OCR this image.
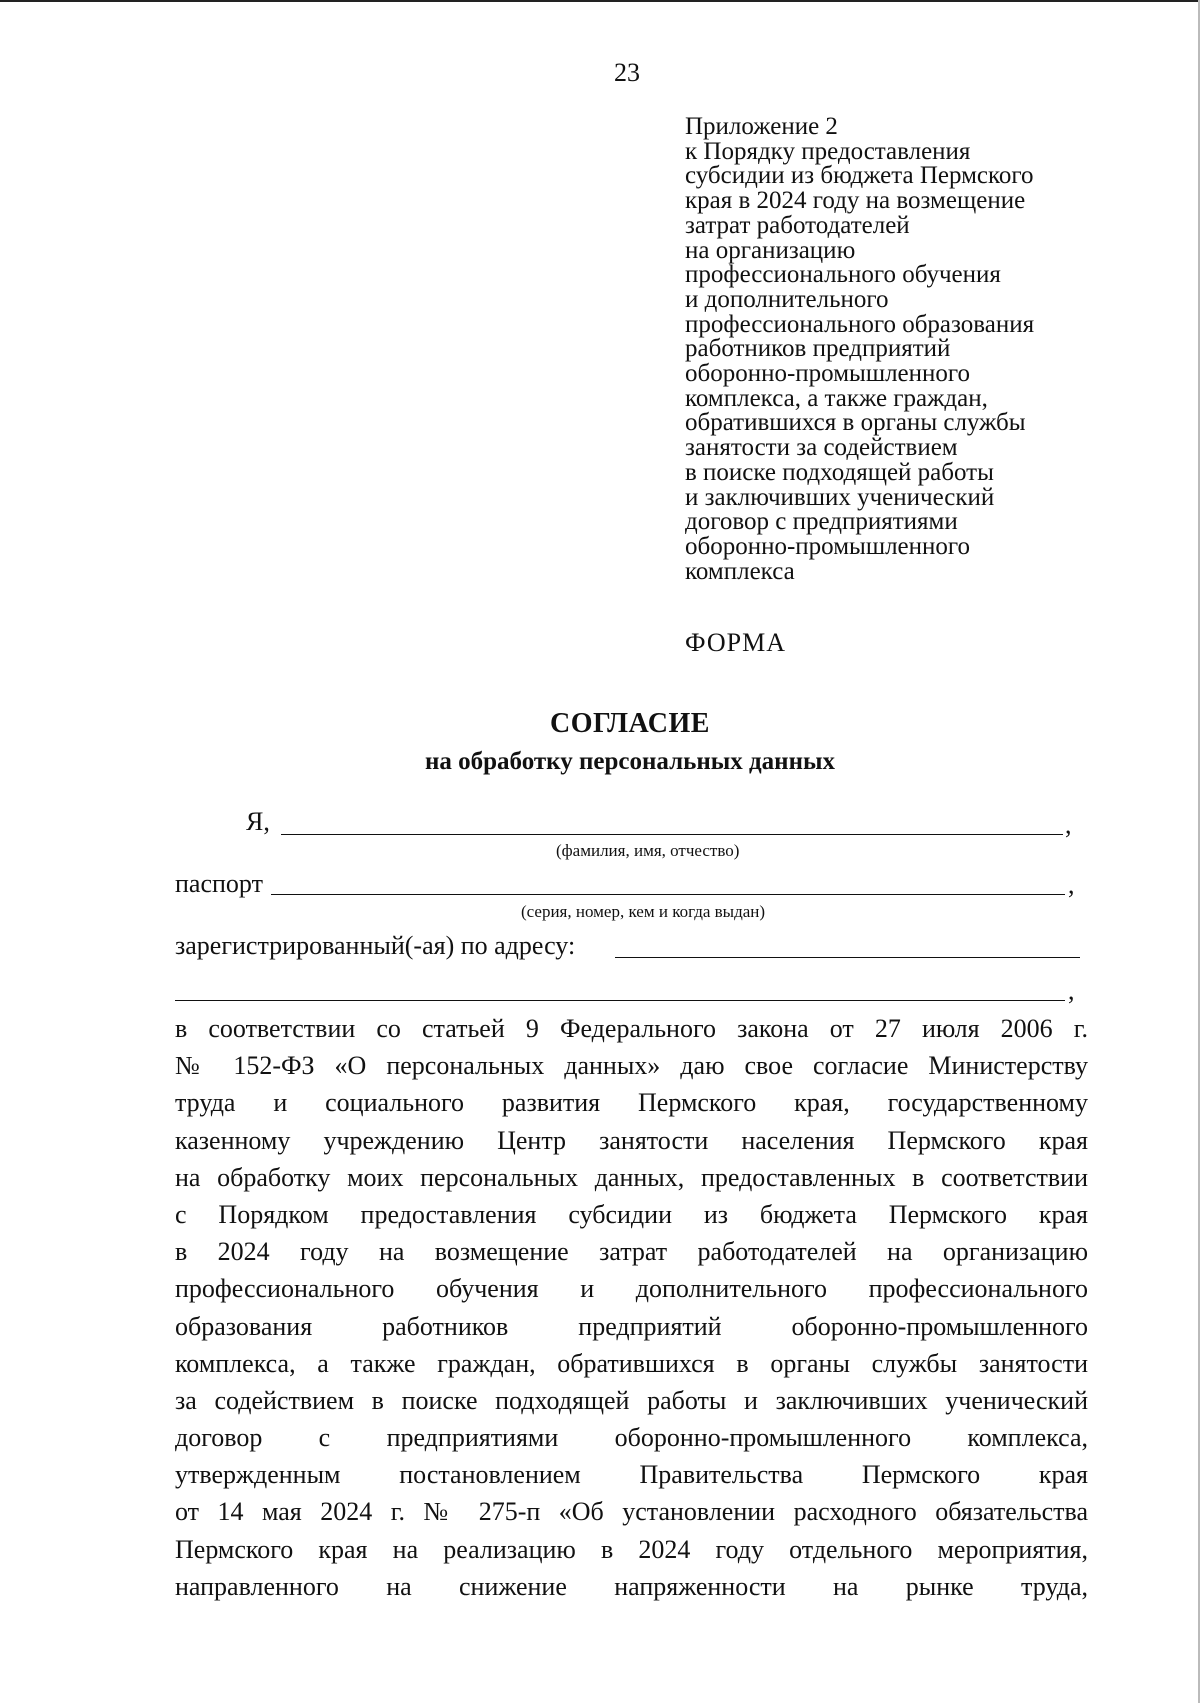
23
Приложение 2
к Порядку предоставления
субсидии из бюджета Пермского
края в 2024 году на возмещение
затрат работодателей
на организацию
профессионального обучения
и дополнительного
профессионального образования
работников предприятий
оборонно-промышленного
комплекса, а также граждан,
обратившихся в органы службы
занятости за содействием
в поиске подходящей работы
и заключивших ученический
договор с предприятиями
оборонно-промышленного
комплекса
ФОРМА
СОГЛАСИЕ
на обработку персональных данных
Я,	,
(фамилия, имя, отчество)
паспорт	,
(серия, номер, кем и когда выдан)
зарегистрированный(-ая) по адресу:
,
в соответствии со статьей 9 Федерального закона от 27 июля 2006 г.
№ 152-ФЗ «О персональных данных» даю свое согласие Министерству
труда и социального развития Пермского края, государственному
казенному учреждению Центр занятости населения Пермского края
на обработку моих персональных данных, предоставленных в соответствии
с Порядком предоставления субсидии из бюджета Пермского края
в 2024 году на возмещение затрат работодателей на организацию
профессионального обучения и дополнительного профессионального
образования работников предприятий оборонно-промышленного
комплекса, а также граждан, обратившихся в органы службы занятости
за содействием в поиске подходящей работы и заключивших ученический
договор с предприятиями оборонно-промышленного комплекса,
утвержденным постановлением Правительства Пермского края
от 14 мая 2024 г. № 275-п «Об установлении расходного обязательства
Пермского края на реализацию в 2024 году отдельного мероприятия,
направленного на снижение напряженности на рынке труда,
